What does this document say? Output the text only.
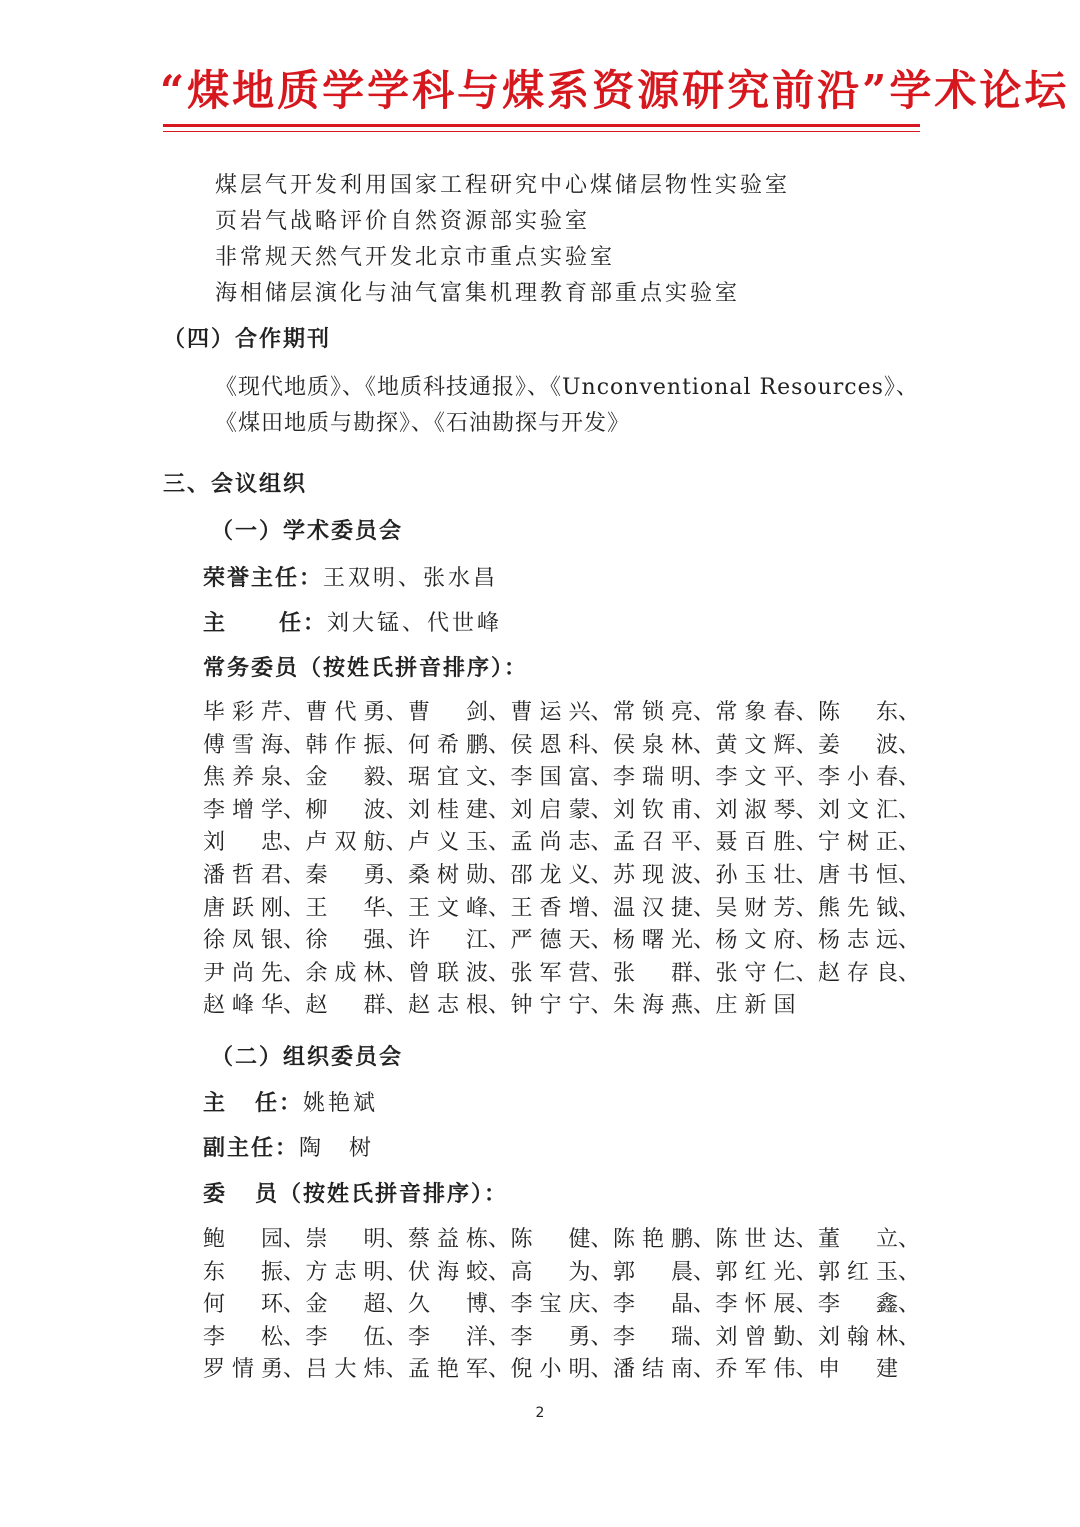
“煤地质学学科与煤系资源研究前沿”学术论坛
煤层气开发利用国家工程研究中心煤储层物性实验室
页岩气战略评价自然资源部实验室
非常规天然气开发北京市重点实验室
海相储层演化与油气富集机理教育部重点实验室
（四）合作期刊
《现代地质》、《地质科技通报》、《Unconventional Resources》、
《煤田地质与勘探》、《石油勘探与开发》
三、会议组织
（一）学术委员会
荣誉主任：王双明、张水昌
主 任：刘大锰、代世峰
常务委员（按姓氏拼音排序）：
毕彩芹 、 曹代勇 、 曹剑 、 曹运兴 、 常锁亮 、 常象春 、 陈东 、
傅雪海 、 韩作振 、 何希鹏 、 侯恩科 、 侯泉林 、 黄文辉 、 姜波 、
焦养泉 、 金毅 、 琚宜文 、 李国富 、 李瑞明 、 李文平 、 李小春 、
李增学 、 柳波 、 刘桂建 、 刘启蒙 、 刘钦甫 、 刘淑琴 、 刘文汇 、
刘忠 、 卢双舫 、 卢义玉 、 孟尚志 、 孟召平 、 聂百胜 、 宁树正 、
潘哲君 、 秦勇 、 桑树勋 、 邵龙义 、 苏现波 、 孙玉壮 、 唐书恒 、
唐跃刚 、 王华 、 王文峰 、 王香增 、 温汉捷 、 吴财芳 、 熊先钺 、
徐凤银 、 徐强 、 许江 、 严德天 、 杨曙光 、 杨文府 、 杨志远 、
尹尚先 、 余成林 、 曾联波 、 张军营 、 张群 、 张守仁 、 赵存良 、
赵峰华 、 赵群 、 赵志根 、 钟宁宁 、 朱海燕 、 庄新国
（二）组织委员会
主 任：姚艳斌
副主任：陶树
委 员（按姓氏拼音排序）：
鲍园 、 崇明 、 蔡益栋 、 陈健 、 陈艳鹏 、 陈世达 、 董立 、
东振 、 方志明 、 伏海蛟 、 高为 、 郭晨 、 郭红光 、 郭红玉 、
何环 、 金超 、 久博 、 李宝庆 、 李晶 、 李怀展 、 李鑫 、
李松 、 李伍 、 李洋 、 李勇 、 李瑞 、 刘曾勤 、 刘翰林 、
罗情勇 、 吕大炜 、 孟艳军 、 倪小明 、 潘结南 、 乔军伟 、 申建
2
